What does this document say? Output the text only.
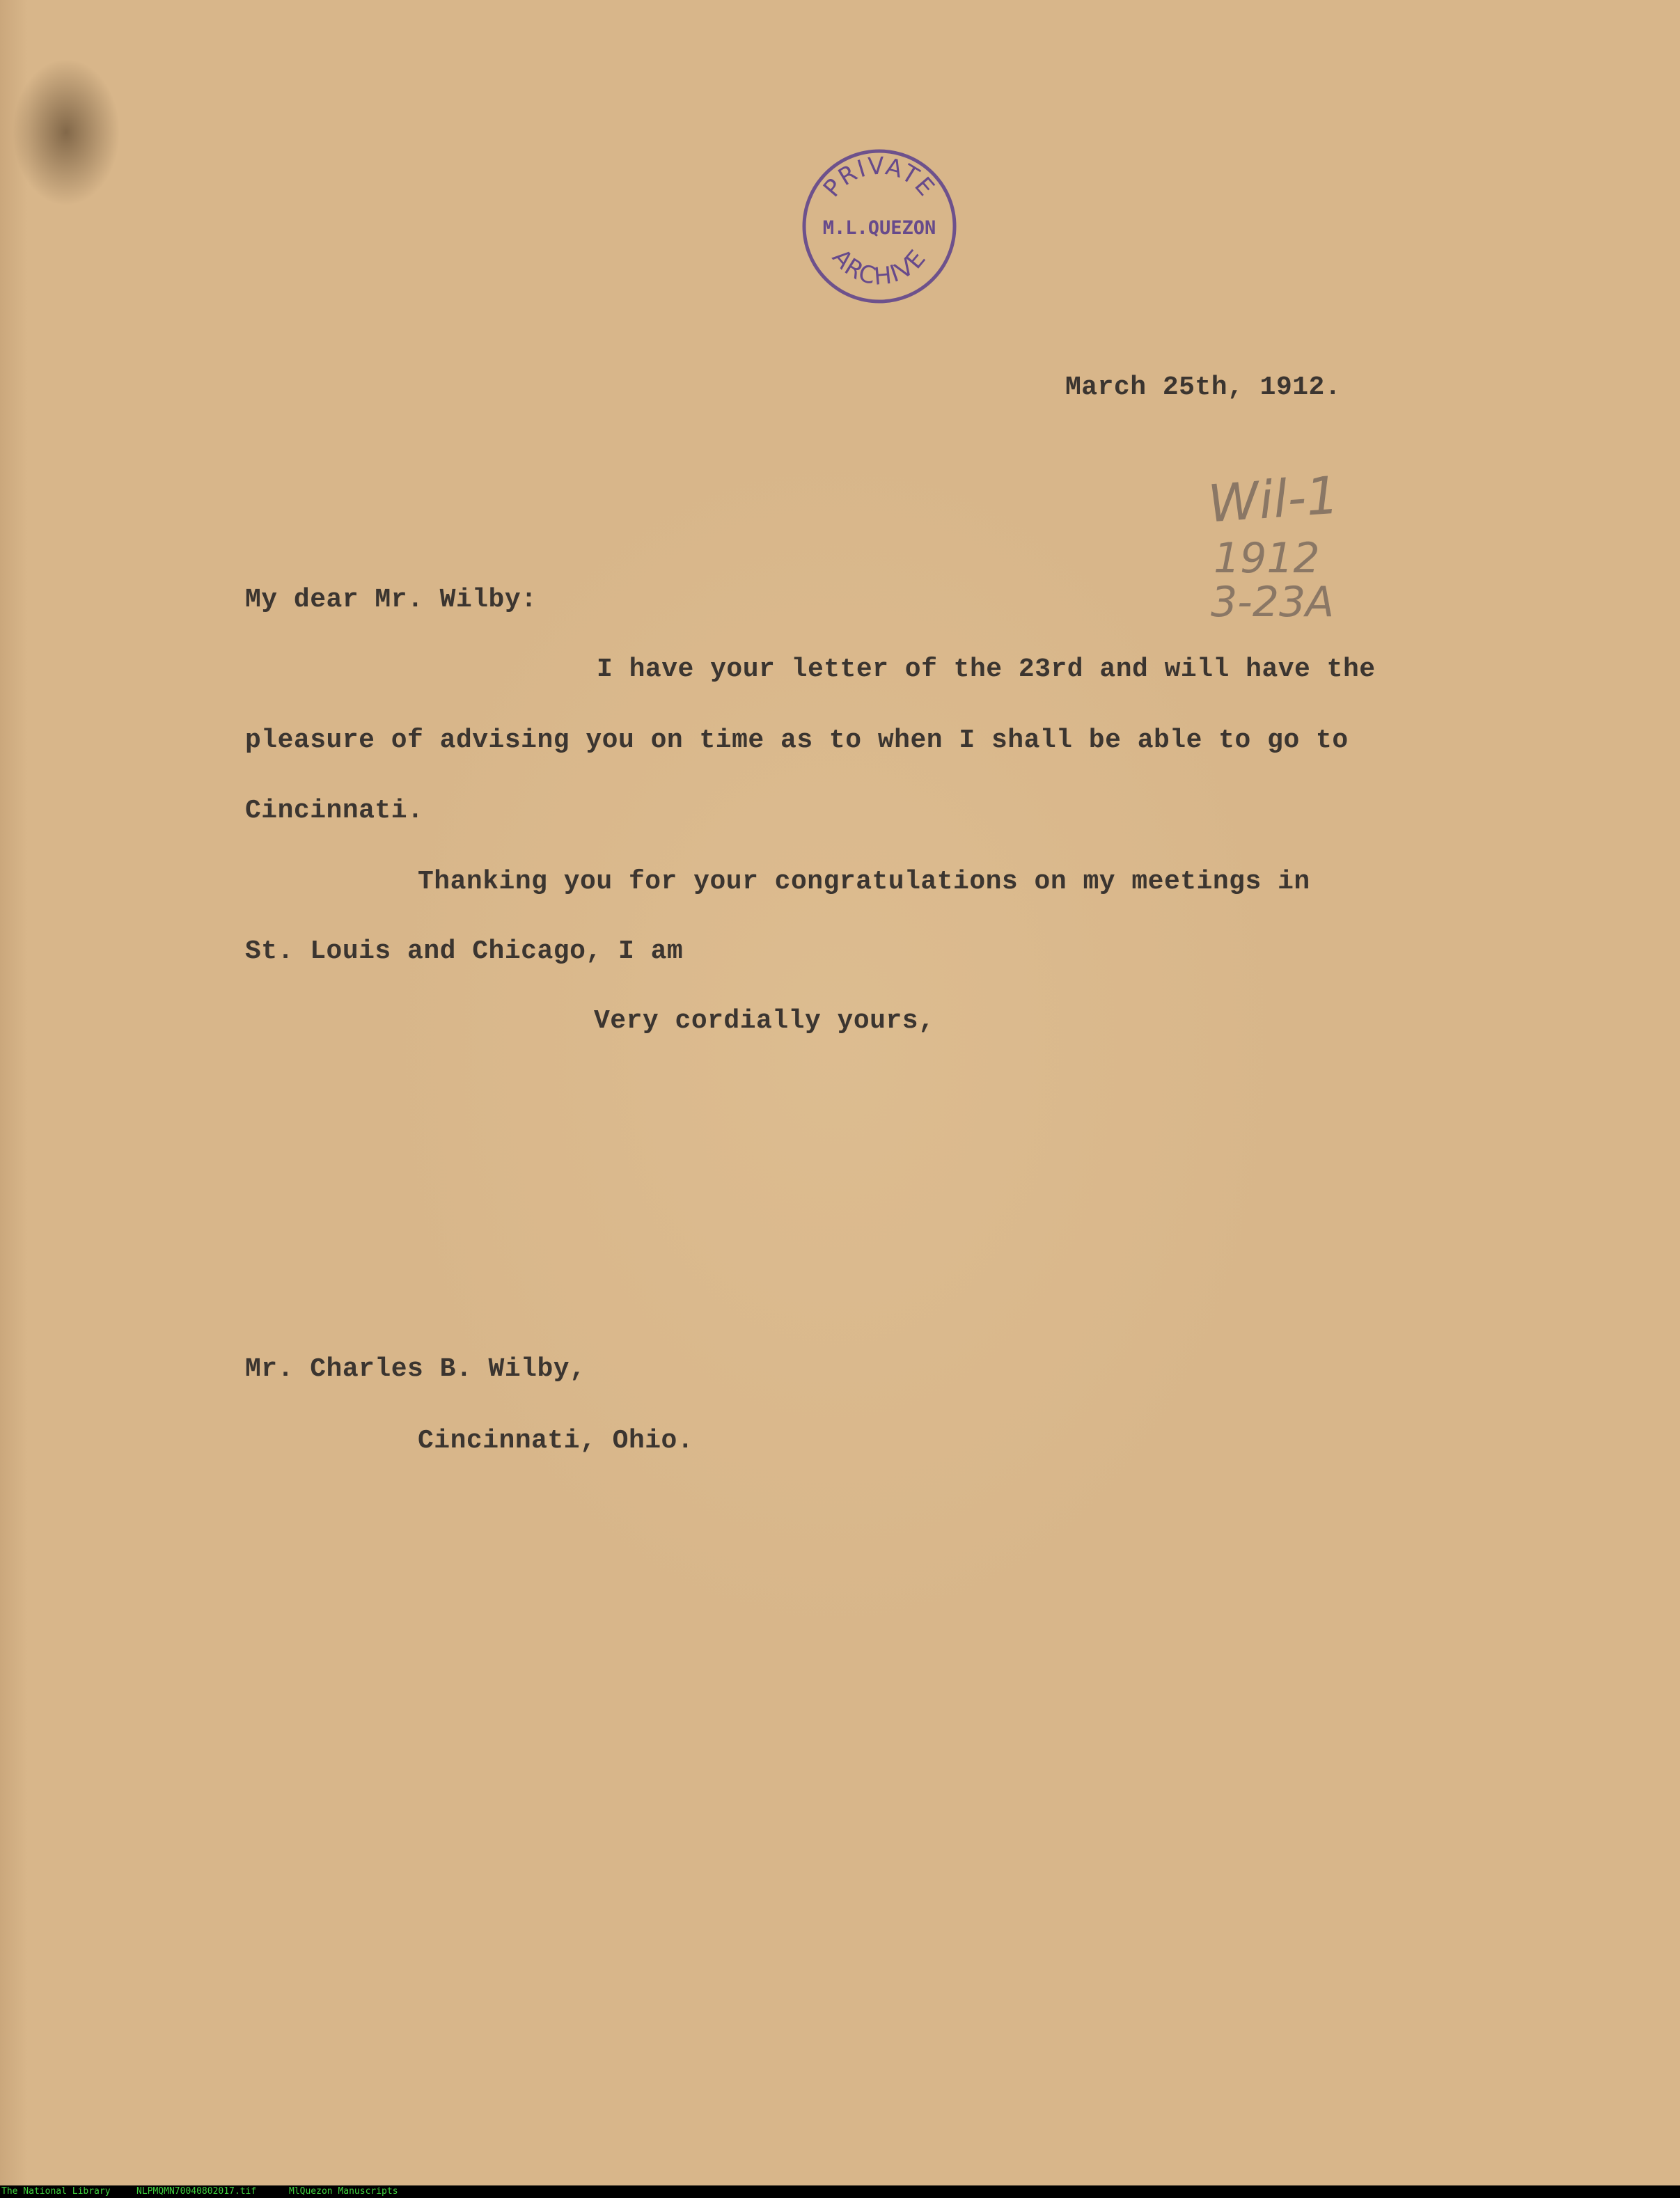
PRIVATE
M.L.QUEZON
ARCHIVE
March 25th, 1912.
Wil-1
1912
3-23A
My dear Mr. Wilby:
I have your letter of the 23rd and will have the
pleasure of advising you on time as to when I shall be able to go to
Cincinnati.
Thanking you for your congratulations on my meetings in
St. Louis and Chicago, I am
Very cordially yours,
Mr. Charles B. Wilby,
Cincinnati, Ohio.
The National Library	NLPMQMN70040802017.tif	MlQuezon Manuscripts
